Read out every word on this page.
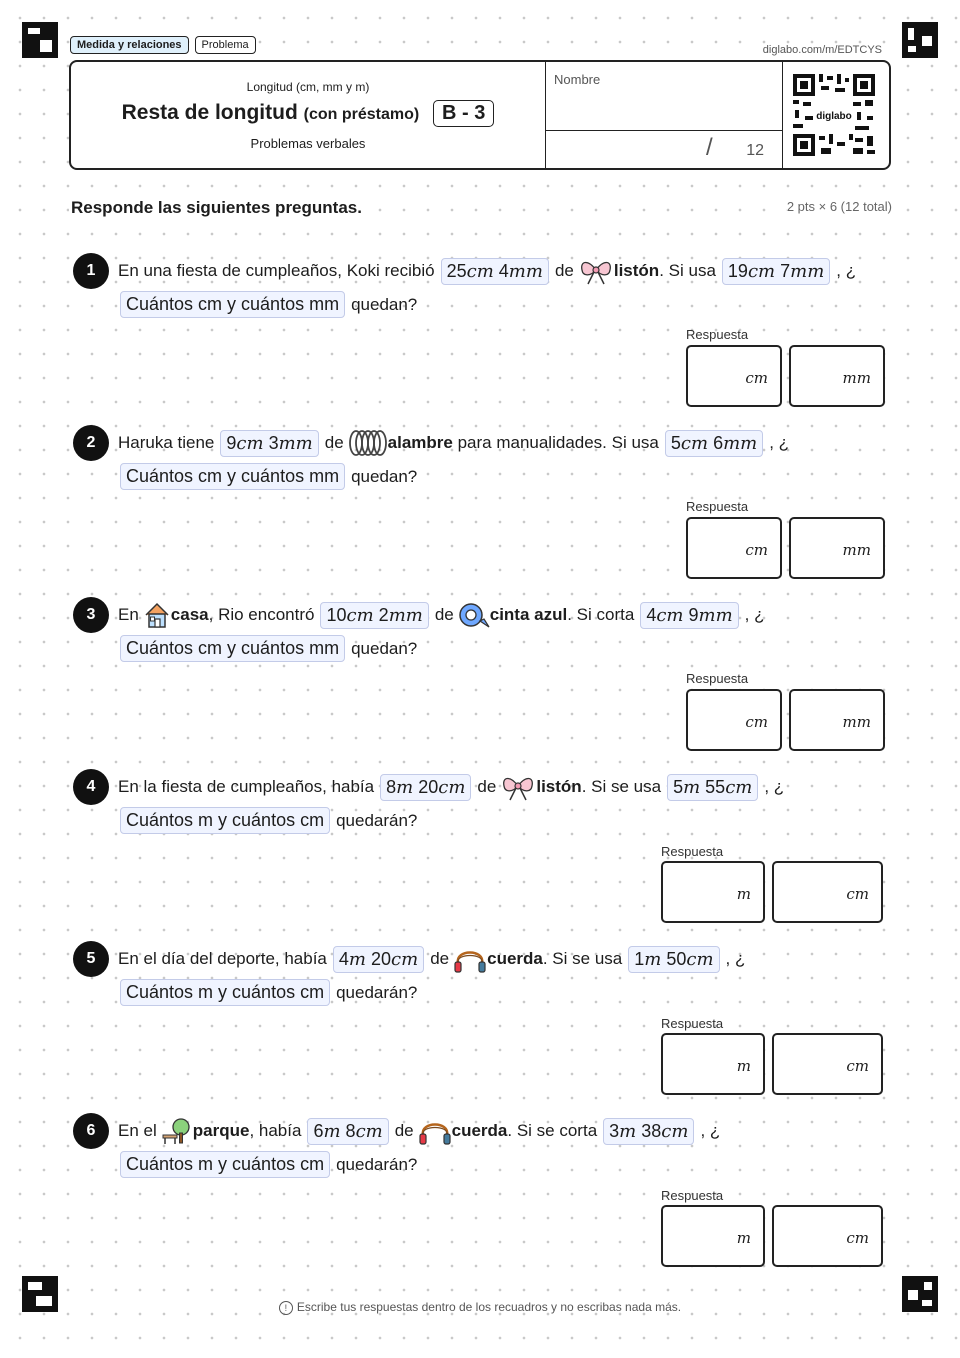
Medida y relaciones	Problema	diglabo.com/m/EDTCYS
Longitud (cm, mm y m)
Resta de longitud (con préstamo) B - 3
Problemas verbales
Nombre
/ 12
diglabo
Responde las siguientes preguntas.	2 pts × 6 (12 total)
1	En una fiesta de cumpleaños, Koki recibió 25cm 4mm de listón . Si usa 19cm 7mm , ¿
Cuántos cm y cuántos mm quedan?
Respuesta
cm	mm
2	Haruka tiene 9cm 3mm de	alambre para manualidades. Si usa 5cm 6mm , ¿
Cuántos cm y cuántos mm quedan?
Respuesta
cm	mm
3	En casa , Rio encontró 10cm 2mm de cinta azul . Si corta 4cm 9mm , ¿
Cuántos cm y cuántos mm quedan?
Respuesta
cm	mm
4	En la fiesta de cumpleaños, había 8m 20cm de listón . Si se usa 5m 55cm , ¿
Cuántos m y cuántos cm quedarán?
Respuesta
m	cm
5	En el día del deporte, había 4m 20cm de cuerda . Si se usa 1m 50cm , ¿
Cuántos m y cuántos cm quedarán?
Respuesta
m	cm
6	En el parque , había 6m 8cm de cuerda . Si se corta 3m 38cm , ¿
Cuántos m y cuántos cm quedarán?
Respuesta
m	cm
! Escribe tus respuestas dentro de los recuadros y no escribas nada más.
